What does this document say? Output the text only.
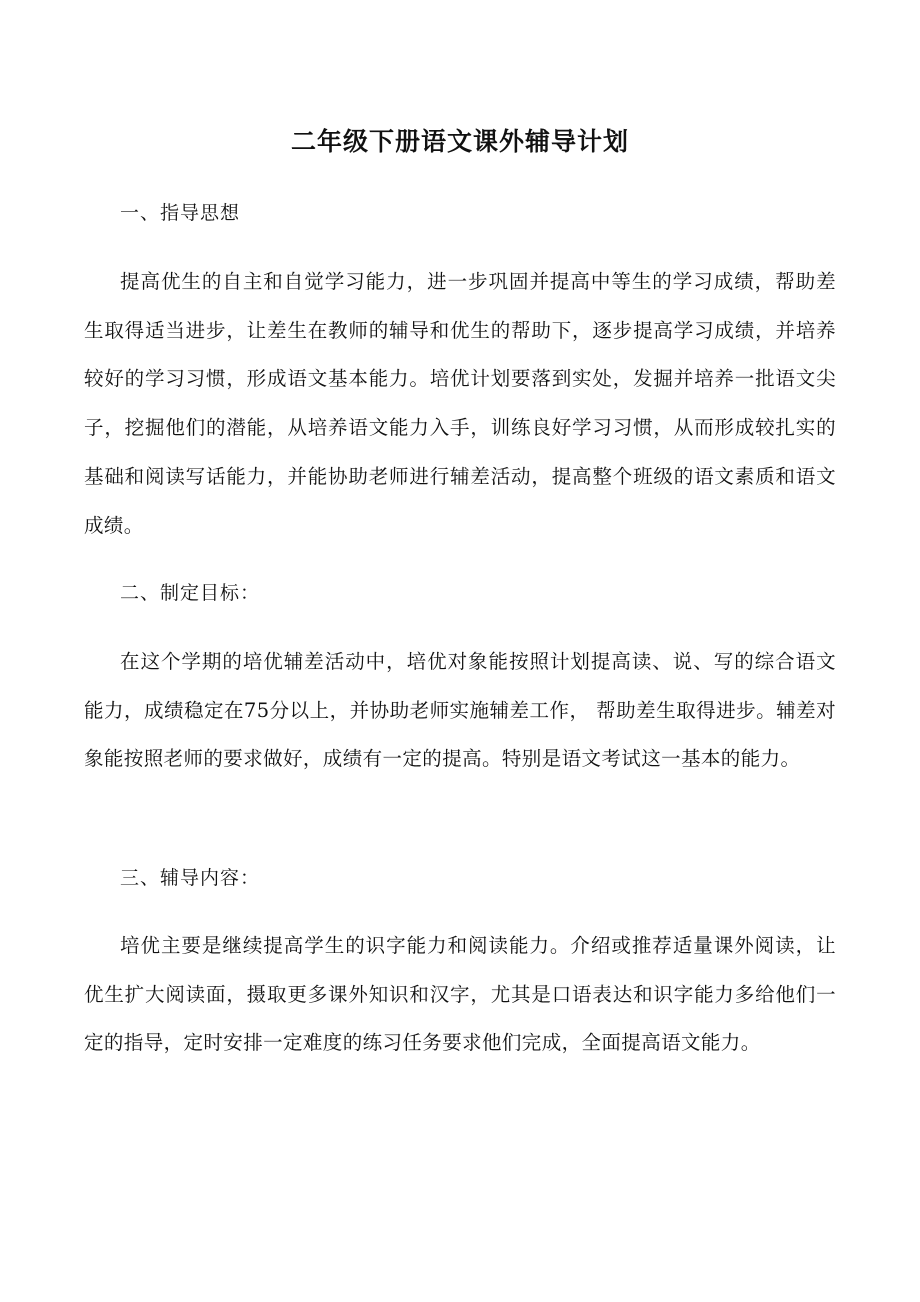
二年级下册语文课外辅导计划
一、指导思想
提高优生的自主和自觉学习能力，进一步巩固并提高中等生的学习成绩，帮助差生取得适当进步，让差生在教师的辅导和优生的帮助下，逐步提高学习成绩，并培养较好的学习习惯，形成语文基本能力。培优计划要落到实处，发掘并培养一批语文尖子，挖掘他们的潜能，从培养语文能力入手，训练良好学习习惯，从而形成较扎实的基础和阅读写话能力，并能协助老师进行辅差活动，提高整个班级的语文素质和语文成绩。
二、制定目标：
在这个学期的培优辅差活动中，培优对象能按照计划提高读、说、写的综合语文能力，成绩稳定在75分以上，并协助老师实施辅差工作， 帮助差生取得进步。辅差对象能按照老师的要求做好，成绩有一定的提高。特别是语文考试这一基本的能力。
三、辅导内容：
培优主要是继续提高学生的识字能力和阅读能力。介绍或推荐适量课外阅读，让优生扩大阅读面，摄取更多课外知识和汉字，尤其是口语表达和识字能力多给他们一定的指导，定时安排一定难度的练习任务要求他们完成，全面提高语文能力。
